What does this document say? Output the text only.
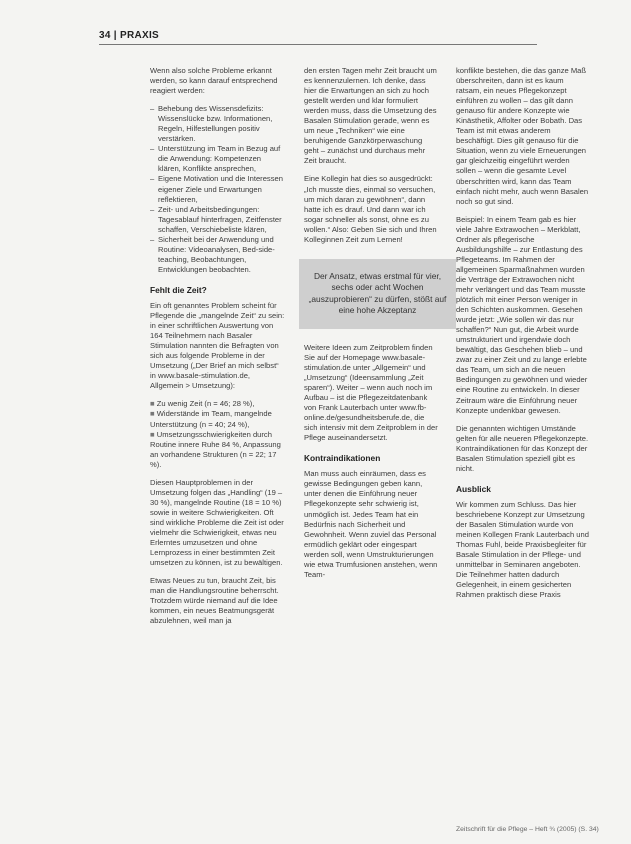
34 | PRAXIS

Wenn also solche Probleme erkannt werden, so kann darauf entsprechend reagiert werden:

– Behebung des Wissensdefizits: Wissenslücke bzw. Informationen, Regeln, Hilfestellungen positiv verstärken.
– Unterstützung im Team in Bezug auf die Anwendung: Kompetenzen klären, Konflikte ansprechen,
– Eigene Motivation und die Interessen eigener Ziele und Erwartungen reflektieren,
– Zeit- und Arbeitsbedingungen: Tagesablauf hinterfragen, Zeitfenster schaffen, Verschiebeliste klären,
– Sicherheit bei der Anwendung und Routine: Videoanalysen, Bed-side-teaching, Beobachtungen, Entwicklungen beobachten.
Fehlt die Zeit?

Ein oft genanntes Problem scheint für Pflegende die „mangelnde Zeit“ zu sein: in einer schriftlichen Auswertung von 164 Teilnehmern nach Basaler Stimulation nannten die Befragten von sich aus folgende Probleme in der Umsetzung („Der Brief an mich selbst“ in www.basale-stimulation.de, Allgemein > Umsetzung):

■ Zu wenig Zeit (n = 46; 28 %),
■ Widerstände im Team, mangelnde Unterstützung (n = 40; 24 %),
■ Umsetzungsschwierigkeiten durch Routine innere Ruhe 84 %, Anpassung an vorhandene Strukturen (n = 22; 17 %).

Diesen Hauptproblemen in der Umsetzung folgen das „Handling“ (19 – 30 %), mangelnde Routine (18 = 10 %) sowie in weitere Schwierigkeiten. Oft sind wirkliche Probleme die Zeit ist oder vielmehr die Schwierigkeit, etwas neu Erlerntes umzusetzen und ohne Lernprozess in einer bestimmten Zeit umsetzen zu können, ist zu bewältigen.

Etwas Neues zu tun, braucht Zeit, bis man die Handlungsroutine beherrscht. Trotzdem würde niemand auf die Idee kommen, ein neues Beatmungsgerät abzulehnen, weil man ja

den ersten Tagen mehr Zeit braucht um es kennenzulernen. Ich denke, dass hier die Erwartungen an sich zu hoch gestellt werden und klar formuliert werden muss, dass die Umsetzung des Basalen Stimulation gerade, wenn es um neue „Techniken“ wie eine beruhigende Ganzkörperwaschung geht – zunächst und durchaus mehr Zeit braucht.

Eine Kollegin hat dies so ausgedrückt: „Ich musste dies, einmal so versuchen, um mich daran zu gewöhnen“, dann hatte ich es drauf. Und dann war ich sogar schneller als sonst, ohne es zu wollen.“ Also: Geben Sie sich und Ihren Kolleginnen Zeit zum Lernen!

Der Ansatz, etwas erstmal für vier, sechs oder acht Wochen „auszuprobieren“ zu dürfen, stößt auf eine hohe Akzeptanz

Weitere Ideen zum Zeitproblem finden Sie auf der Homepage www.basale-stimulation.de unter „Allgemein“ und „Umsetzung“ (Ideensammlung „Zeit sparen“). Weiter – wenn auch noch im Aufbau – ist die Pflegezeitdatenbank von Frank Lauterbach unter www.fb-online.de/gesundheitsberufe.de, die sich intensiv mit dem Zeitproblem in der Pflege auseinandersetzt.

Kontraindikationen

Man muss auch einräumen, dass es gewisse Bedingungen geben kann, unter denen die Einführung neuer Pflegekonzepte sehr schwierig ist, unmöglich ist. Jedes Team hat ein Bedürfnis nach Sicherheit und Gewohnheit. Wenn zuviel das Personal ermüdlich geklärt oder eingespart werden soll, wenn Umstrukturierungen wie etwa Trumfusionen anstehen, wenn Team-

konflikte bestehen, die das ganze Maß überschreiten, dann ist es kaum ratsam, ein neues Pflegekonzept einführen zu wollen – das gilt dann genauso für andere Konzepte wie Kinästhetik, Affolter oder Bobath. Das Team ist mit etwas anderem beschäftigt. Dies gilt genauso für die Situation, wenn zu viele Erneuerungen gar gleichzeitig eingeführt werden sollen – wenn die gesamte Level überschritten wird, kann das Team einfach nicht mehr, auch wenn Basalen noch so gut sind.

Beispiel: In einem Team gab es hier viele Jahre Extrawochen – Merkblatt, Ordner als pflegerische Ausbildungshilfe – zur Entlastung des Pflegeteams. Im Rahmen der allgemeinen Sparmaßnahmen wurden die Verträge der Extrawochen nicht mehr verlängert und das Team musste plötzlich mit einer Person weniger in den Schichten auskommen. Gesehen wurde jetzt: „Wie sollen wir das nur schaffen?“ Nun gut, die Arbeit wurde umstrukturiert und irgendwie doch bewältigt, das Geschehen blieb – und zwar zu einer Zeit und zu lange erlebte das Team, um sich an die neuen Bedingungen zu gewöhnen und wieder eine Routine zu entwickeln. In dieser Zeitraum wäre die Einführung neuer Konzepte undenkbar gewesen.

Die genannten wichtigen Umstände gelten für alle neueren Pflegekonzepte. Kontraindikationen für das Konzept der Basalen Stimulation speziell gibt es nicht.

Ausblick

Wir kommen zum Schluss. Das hier beschriebene Konzept zur Umsetzung der Basalen Stimulation wurde von meinen Kollegen Frank Lauterbach und Thomas Fuhl, beide Praxisbegleiter für Basale Stimulation in der Pflege- und unmittelbar in Seminaren angeboten. Die Teilnehmer hatten dadurch Gelegenheit, in einem gesicherten Rahmen praktisch diese Praxis

Zeitschrift für die Pflege – Heft ¾ (2005) (S. 34)
